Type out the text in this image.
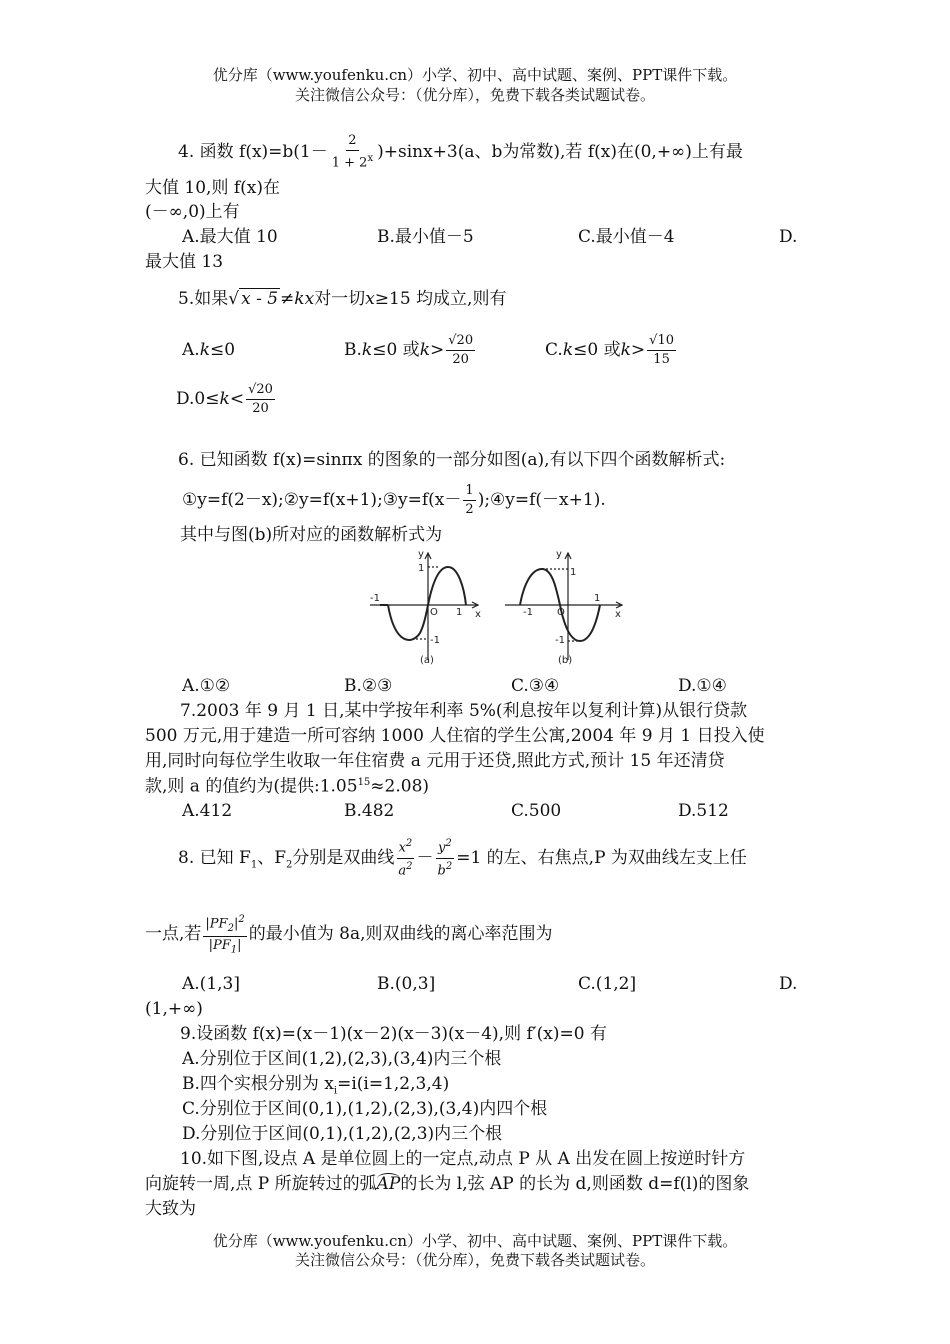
优分库（www.youfenku.cn）小学、初中、高中试题、案例、PPT课件下载。
关注微信公众号：（优分库），免费下载各类试题试卷。
4. 函数 $f(x)=b(1- \frac{2}{1 + 2^x} )+\sin x+3(a$、b为常数),若 f(x)在(0,+∞)上有最
大值 10,则 f(x)在
(－∞,0)上有
A.最大值 10	B.最小值－5	C.最小值－4	D.
最大值 13
5.如果√ x - 5 ≠kx对一切x≥15 均成立,则有
A.k≤0	B.k≤0 或$k> \frac{√20}{20}$	C.k≤0 或$k> \frac{√10}{15}$
$D.0\le k< \frac{√20}{20}$
6. 已知函数 f(x)=sinπx 的图象的一部分如图(a),有以下四个函数解析式:
①y=f(2－x);②y=f(x+1);③y=f(x－ $\frac{1}{2}$ );④y=f(－x+1).
其中与图(b)所对应的函数解析式为
y
x
1
-1
O 1
-1
(a)
y
x
1
-1 O
1
-1
(b)
A.①②	B.②③	C.③④	D.①④
7.2003 年 9 月 1 日,某中学按年利率 5%(利息按年以复利计算)从银行贷款
500 万元,用于建造一所可容纳 1000 人住宿的学生公寓,2004 年 9 月 1 日投入使
用,同时向每位学生收取一年住宿费 a 元用于还贷,照此方式,预计 15 年还清贷
款,则 a 的值约为(提供$:1.05^{15}\approx 2.08$)
A.412	B.482	C.500	D.512
8. 已知 $F_1$、$F_2$分别是双曲线 $\frac{x^2}{a^2} - \frac{y^2}{b^2} =1$ 的左、右焦点,P 为双曲线左支上任
一点,若 $\frac{|PF_2|^2}{|PF_1|}$ 的最小值为 8a,则双曲线的离心率范围为
A.(1,3]	B.(0,3]	C.(1,2]	D.
(1,+∞)
9.设函数 f(x)=(x－1)(x－2)(x－3)(x－4),则 f′(x)=0 有
A.分别位于区间(1,2),(2,3),(3,4)内三个根
B.四个实根分别为 $x_i=i(i=1,2,3,4)$
C.分别位于区间(0,1),(1,2),(2,3),(3,4)内四个根
D.分别位于区间(0,1),(1,2),(2,3)内三个根
10.如下图,设点 A 是单位圆上的一定点,动点 P 从 A 出发在圆上按逆时针方
向旋转一周,点 P 所旋转过的弧AP的长为 l,弦 AP 的长为 d,则函数 d=f(l)的图象
大致为
优分库（www.youfenku.cn）小学、初中、高中试题、案例、PPT课件下载。
关注微信公众号：（优分库），免费下载各类试题试卷。
